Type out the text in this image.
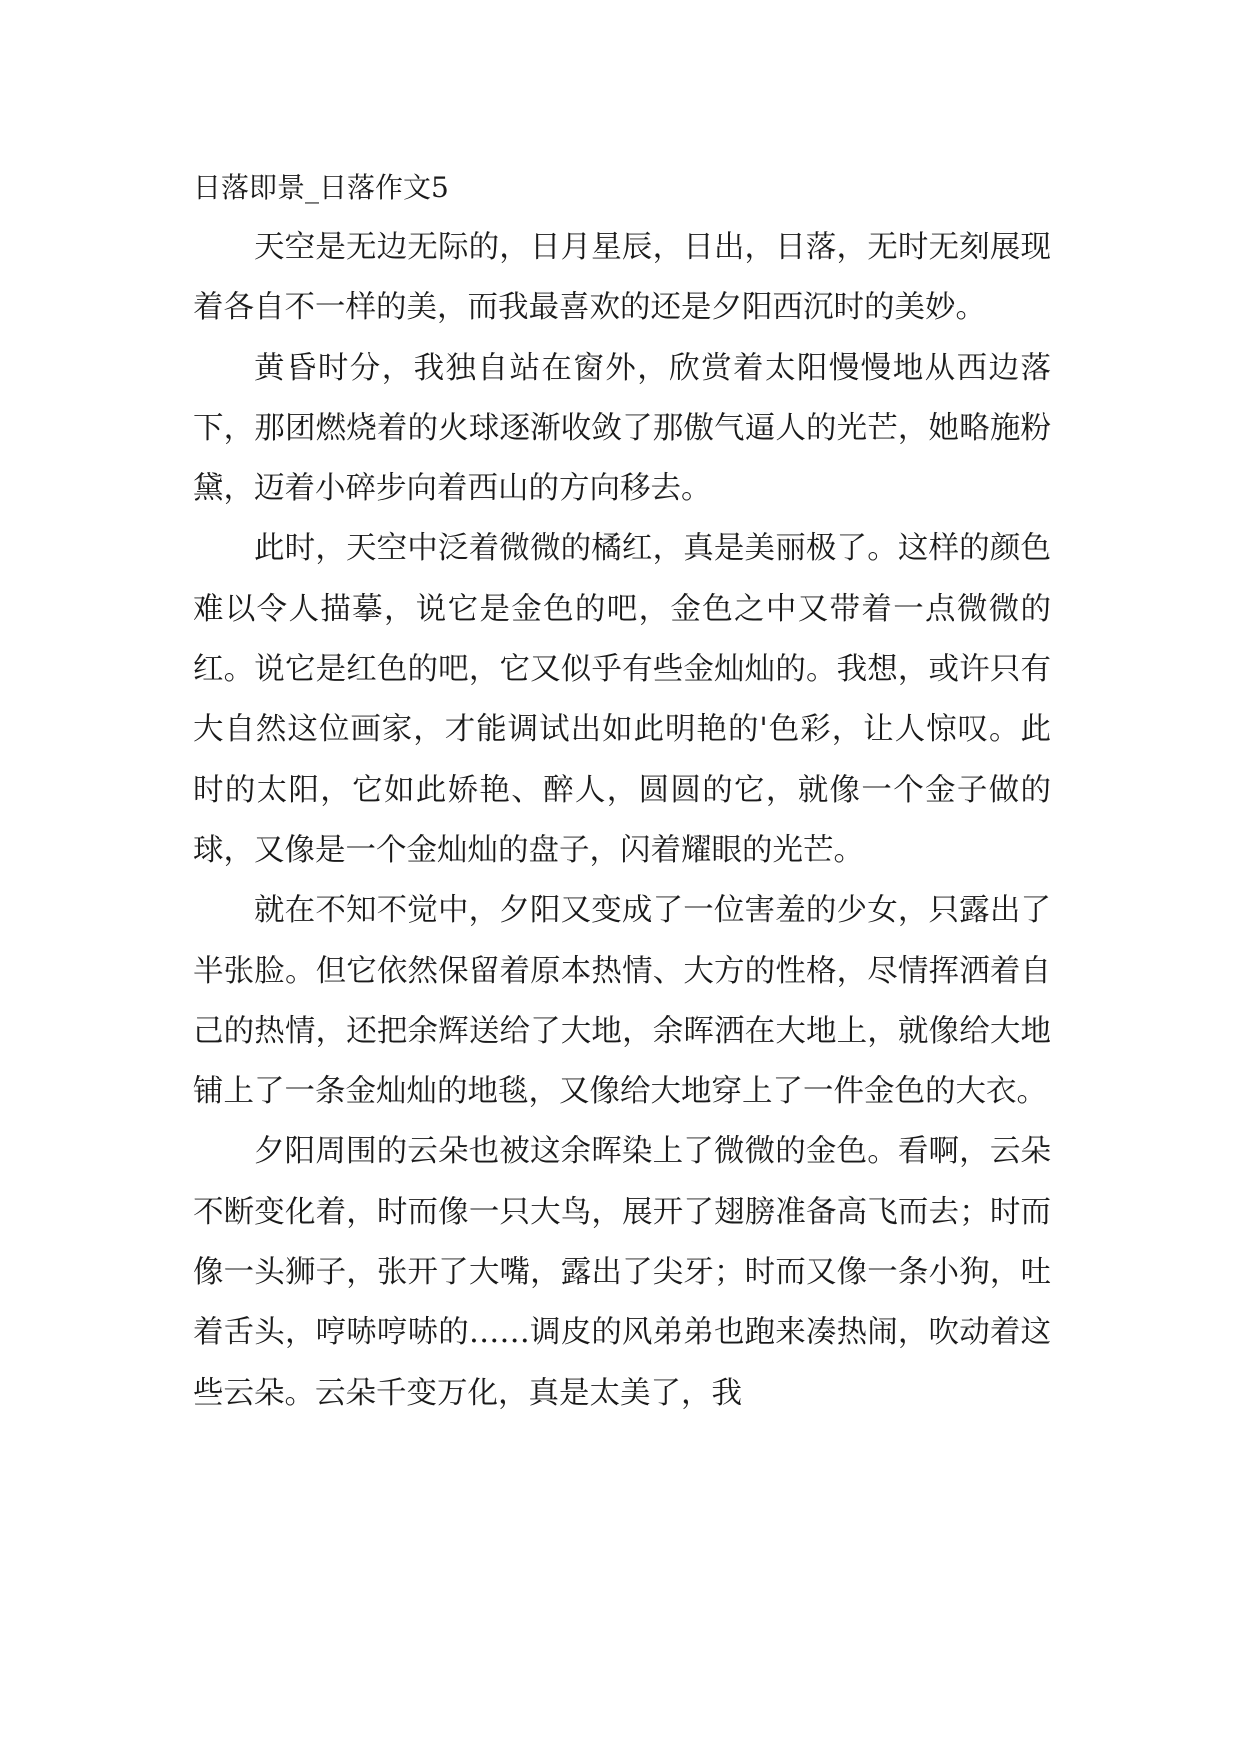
日落即景_日落作文5

天空是无边无际的，日月星辰，日出，日落，无时无刻展现着各自不一样的美，而我最喜欢的还是夕阳西沉时的美妙。

黄昏时分，我独自站在窗外，欣赏着太阳慢慢地从西边落下，那团燃烧着的火球逐渐收敛了那傲气逼人的光芒，她略施粉黛，迈着小碎步向着西山的方向移去。

此时，天空中泛着微微的橘红，真是美丽极了。这样的颜色难以令人描摹，说它是金色的吧，金色之中又带着一点微微的红。说它是红色的吧，它又似乎有些金灿灿的。我想，或许只有大自然这位画家，才能调试出如此明艳的'色彩，让人惊叹。此时的太阳，它如此娇艳、醉人，圆圆的它，就像一个金子做的球，又像是一个金灿灿的盘子，闪着耀眼的光芒。

就在不知不觉中，夕阳又变成了一位害羞的少女，只露出了半张脸。但它依然保留着原本热情、大方的性格，尽情挥洒着自己的热情，还把余辉送给了大地，余晖洒在大地上，就像给大地铺上了一条金灿灿的地毯，又像给大地穿上了一件金色的大衣。

夕阳周围的云朵也被这余晖染上了微微的金色。看啊，云朵不断变化着，时而像一只大鸟，展开了翅膀准备高飞而去；时而像一头狮子，张开了大嘴，露出了尖牙；时而又像一条小狗，吐着舌头，哼哧哼哧的……调皮的风弟弟也跑来凑热闹，吹动着这些云朵。云朵千变万化，真是太美了，我
